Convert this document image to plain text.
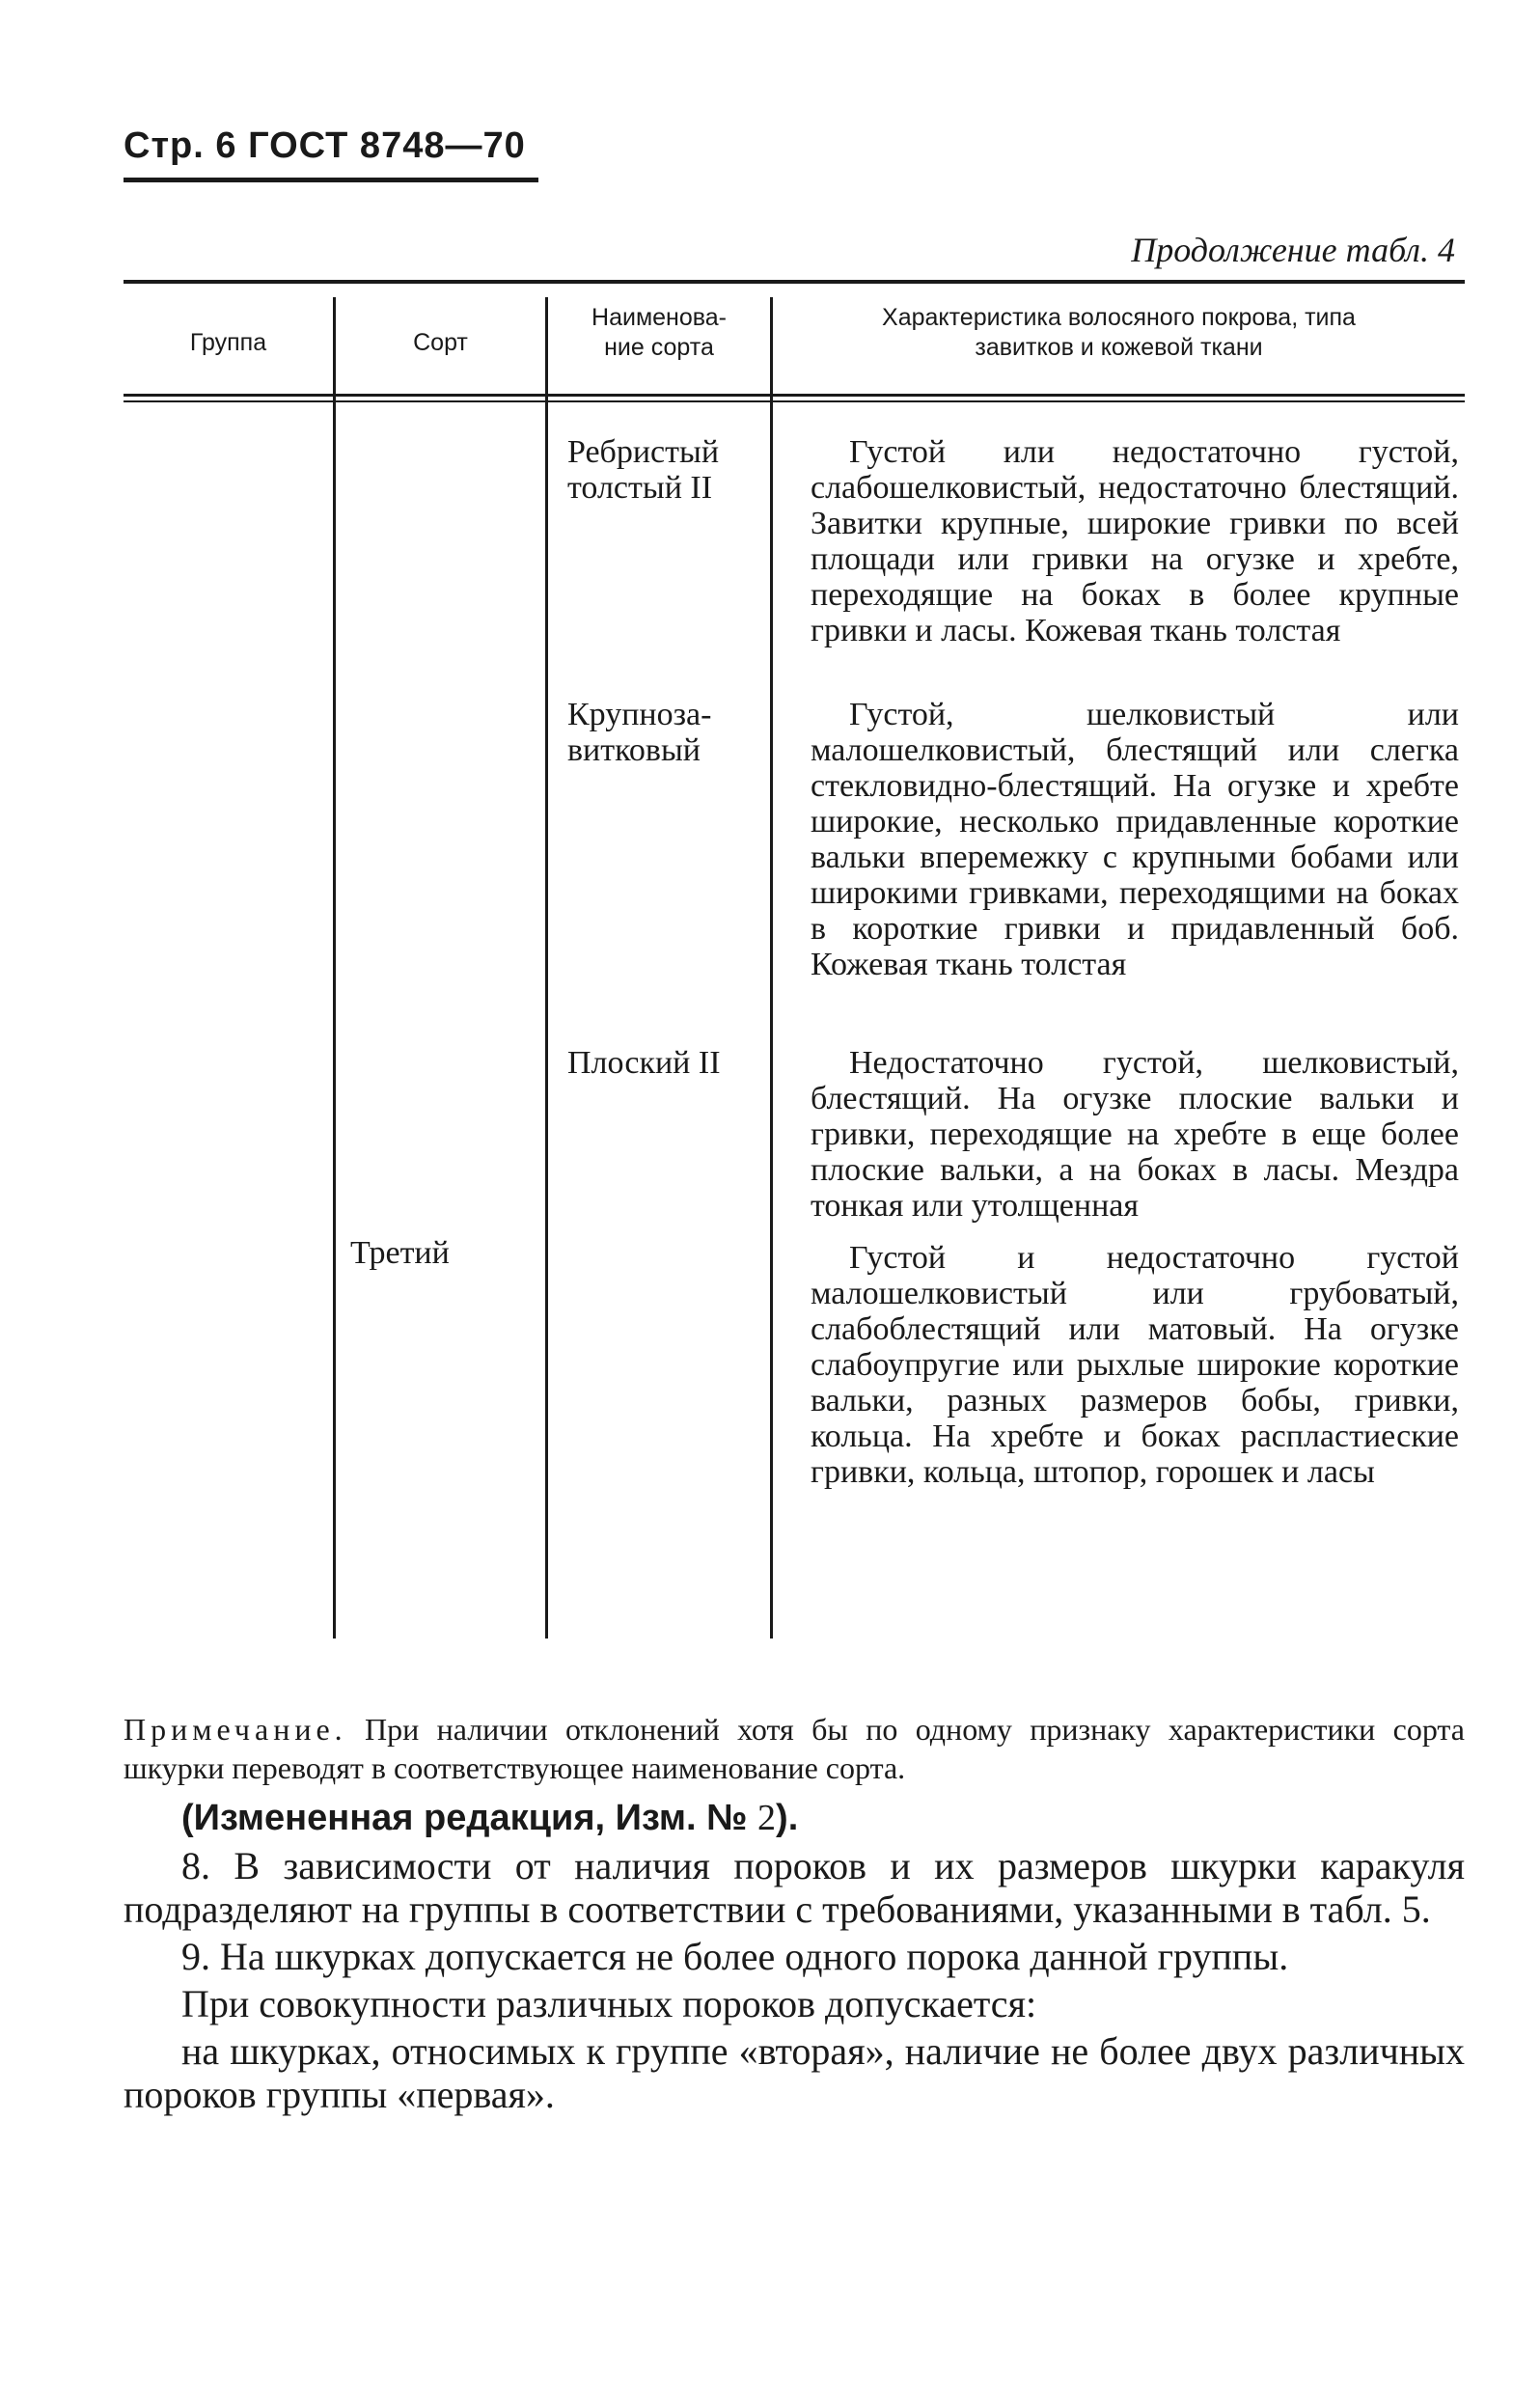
Стр. 6 ГОСТ 8748—70
Продолжение табл. 4
Группа	Сорт
Наименова-
ние сорта
Характеристика волосяного покрова, типа
завитков и кожевой ткани
Ребристый
толстый II

Густой или недостаточно густой, слабошелковистый, недостаточно блестящий. Завитки крупные, широкие гривки по всей площади или гривки на огузке и хребте, переходящие на боках в более крупные гривки и ласы. Кожевая ткань толстая

Крупноза-
витковый

Густой, шелковистый или малошелковистый, блестящий или слегка стекловидно-блестящий. На огузке и хребте широкие, несколько придавленные короткие вальки вперемежку с крупными бобами или широкими гривками, переходящими на боках в короткие гривки и придавленный боб. Кожевая ткань толстая

Плоский II	Недостаточно густой, шелковистый, блестящий. На огузке плоские вальки и гривки, переходящие на хребте в еще более плоские вальки, а на боках в ласы. Мездра тонкая или утолщенная

Густой и недостаточно густой малошелковистый или грубоватый, слабоблестящий или матовый. На огузке слабоупругие или рыхлые широкие короткие вальки, разных размеров бобы, гривки, кольца. На хребте и боках распластиеские гривки, кольца, штопор, горошек и ласы

Третий
Примечание. При наличии отклонений хотя бы по одному признаку характеристики сорта шкурки переводят в соответствующее наименование сорта.

(Измененная редакция, Изм. № 2).

8. В зависимости от наличия пороков и их размеров шкурки каракуля подразделяют на группы в соответствии с требованиями, указанными в табл. 5.

9. На шкурках допускается не более одного порока данной группы.

При совокупности различных пороков допускается:

на шкурках, относимых к группе «вторая», наличие не более двух различных пороков группы «первая».
